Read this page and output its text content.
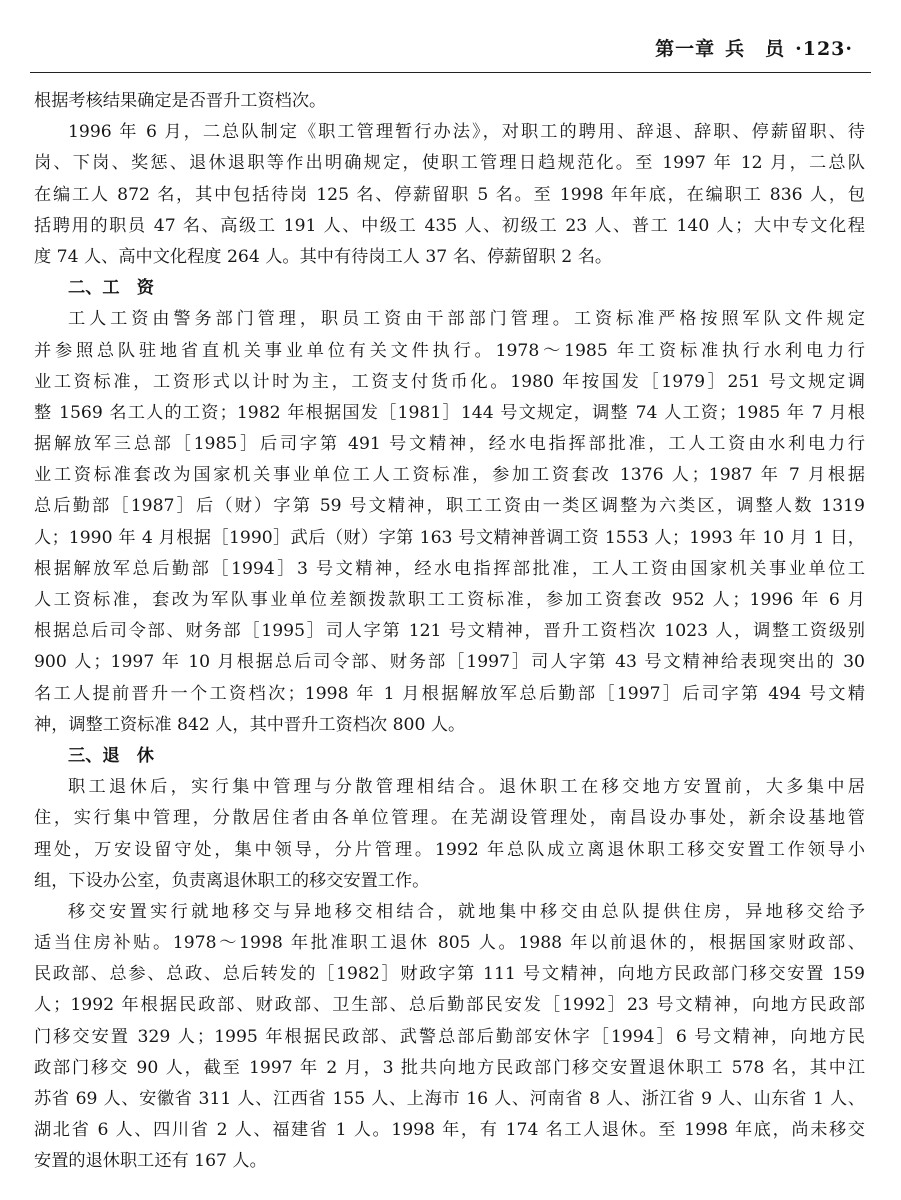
第一章 兵　员 ·123·
根据考核结果确定是否晋升工资档次。
1996 年 6 月，二总队制定《职工管理暂行办法》，对职工的聘用、辞退、辞职、停薪留职、待
岗、下岗、奖惩、退休退职等作出明确规定，使职工管理日趋规范化。至 1997 年 12 月，二总队
在编工人 872 名，其中包括待岗 125 名、停薪留职 5 名。至 1998 年年底，在编职工 836 人，包
括聘用的职员 47 名、高级工 191 人、中级工 435 人、初级工 23 人、普工 140 人；大中专文化程
度 74 人、高中文化程度 264 人。其中有待岗工人 37 名、停薪留职 2 名。
二、工　资
工人工资由警务部门管理，职员工资由干部部门管理。工资标准严格按照军队文件规定
并参照总队驻地省直机关事业单位有关文件执行。1978～1985 年工资标准执行水利电力行
业工资标准，工资形式以计时为主，工资支付货币化。1980 年按国发［1979］251 号文规定调
整 1569 名工人的工资；1982 年根据国发［1981］144 号文规定，调整 74 人工资；1985 年 7 月根
据解放军三总部［1985］后司字第 491 号文精神，经水电指挥部批准，工人工资由水利电力行
业工资标准套改为国家机关事业单位工人工资标准，参加工资套改 1376 人；1987 年 7 月根据
总后勤部［1987］后（财）字第 59 号文精神，职工工资由一类区调整为六类区，调整人数 1319
人；1990 年 4 月根据［1990］武后（财）字第 163 号文精神普调工资 1553 人；1993 年 10 月 1 日，
根据解放军总后勤部［1994］3 号文精神，经水电指挥部批准，工人工资由国家机关事业单位工
人工资标准，套改为军队事业单位差额拨款职工工资标准，参加工资套改 952 人；1996 年 6 月
根据总后司令部、财务部［1995］司人字第 121 号文精神，晋升工资档次 1023 人，调整工资级别
900 人；1997 年 10 月根据总后司令部、财务部［1997］司人字第 43 号文精神给表现突出的 30
名工人提前晋升一个工资档次；1998 年 1 月根据解放军总后勤部［1997］后司字第 494 号文精
神，调整工资标准 842 人，其中晋升工资档次 800 人。
三、退　休
职工退休后，实行集中管理与分散管理相结合。退休职工在移交地方安置前，大多集中居
住，实行集中管理，分散居住者由各单位管理。在芜湖设管理处，南昌设办事处，新余设基地管
理处，万安设留守处，集中领导，分片管理。1992 年总队成立离退休职工移交安置工作领导小
组，下设办公室，负责离退休职工的移交安置工作。
移交安置实行就地移交与异地移交相结合，就地集中移交由总队提供住房，异地移交给予
适当住房补贴。1978～1998 年批准职工退休 805 人。1988 年以前退休的，根据国家财政部、
民政部、总参、总政、总后转发的［1982］财政字第 111 号文精神，向地方民政部门移交安置 159
人；1992 年根据民政部、财政部、卫生部、总后勤部民安发［1992］23 号文精神，向地方民政部
门移交安置 329 人；1995 年根据民政部、武警总部后勤部安休字［1994］6 号文精神，向地方民
政部门移交 90 人，截至 1997 年 2 月，3 批共向地方民政部门移交安置退休职工 578 名，其中江
苏省 69 人、安徽省 311 人、江西省 155 人、上海市 16 人、河南省 8 人、浙江省 9 人、山东省 1 人、
湖北省 6 人、四川省 2 人、福建省 1 人。1998 年，有 174 名工人退休。至 1998 年底，尚未移交
安置的退休职工还有 167 人。
